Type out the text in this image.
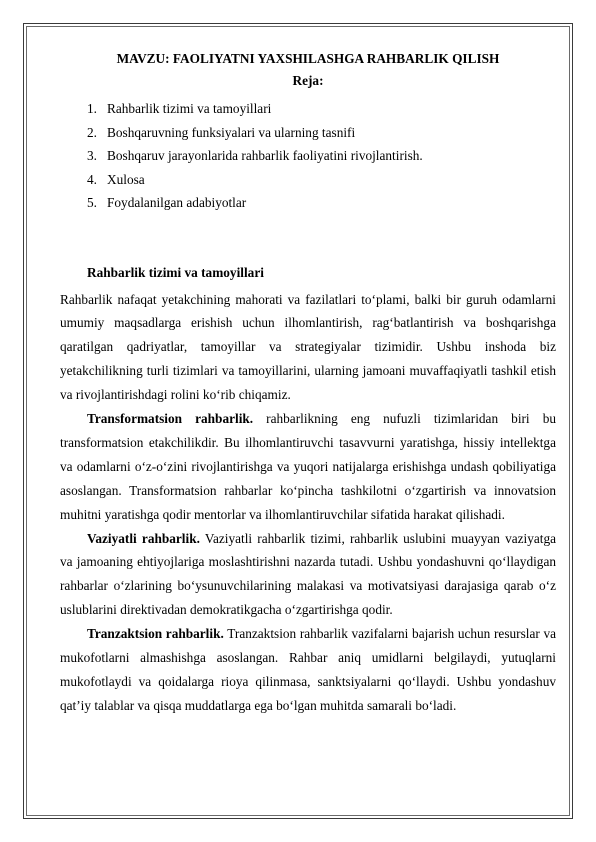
MAVZU: FAOLIYATNI YAXSHILASHGA RAHBARLIK QILISH
Reja:
1. Rahbarlik tizimi va tamoyillari
2. Boshqaruvning funksiyalari va ularning tasnifi
3. Boshqaruv jarayonlarida rahbarlik faoliyatini rivojlantirish.
4. Xulosa
5. Foydalanilgan adabiyotlar
Rahbarlik tizimi va tamoyillari

Rahbarlik nafaqat yetakchining mahorati va fazilatlari to‘plami, balki bir guruh odamlarni umumiy maqsadlarga erishish uchun ilhomlantirish, rag‘batlantirish va boshqarishga qaratilgan qadriyatlar, tamoyillar va strategiyalar tizimidir. Ushbu inshoda biz yetakchilikning turli tizimlari va tamoyillarini, ularning jamoani muvaffaqiyatli tashkil etish va rivojlantirishdagi rolini ko‘rib chiqamiz.

Transformatsion rahbarlik. rahbarlikning eng nufuzli tizimlaridan biri bu transformatsion etakchilikdir. Bu ilhomlantiruvchi tasavvurni yaratishga, hissiy intellektga va odamlarni o‘z-o‘zini rivojlantirishga va yuqori natijalarga erishishga undash qobiliyatiga asoslangan. Transformatsion rahbarlar ko‘pincha tashkilotni o‘zgartirish va innovatsion muhitni yaratishga qodir mentorlar va ilhomlantiruvchilar sifatida harakat qilishadi.

Vaziyatli rahbarlik. Vaziyatli rahbarlik tizimi, rahbarlik uslubini muayyan vaziyatga va jamoaning ehtiyojlariga moslashtirishni nazarda tutadi. Ushbu yondashuvni qo‘llaydigan rahbarlar o‘zlarining bo‘ysunuvchilarining malakasi va motivatsiyasi darajasiga qarab o‘z uslublarini direktivadan demokratikgacha o‘zgartirishga qodir.

Tranzaktsion rahbarlik. Tranzaktsion rahbarlik vazifalarni bajarish uchun resurslar va mukofotlarni almashishga asoslangan. Rahbar aniq umidlarni belgilaydi, yutuqlarni mukofotlaydi va qoidalarga rioya qilinmasa, sanktsiyalarni qo‘llaydi. Ushbu yondashuv qat’iy talablar va qisqa muddatlarga ega bo‘lgan muhitda samarali bo‘ladi.
